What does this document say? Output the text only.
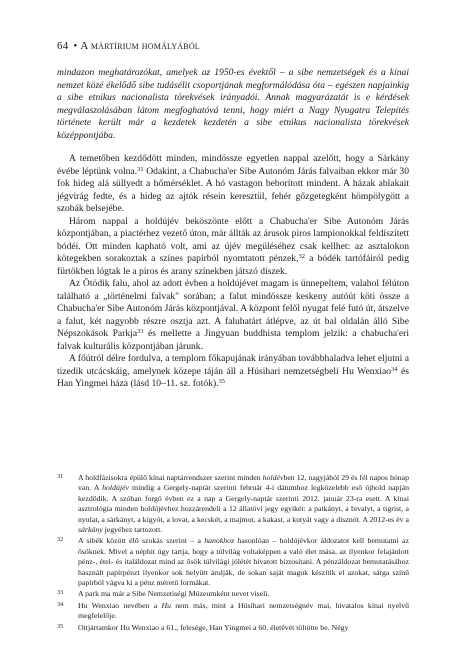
64 • A mártírium homályából

mindazon meghatározókat, amelyek az 1950-es évektől – a sibe nemzetségek és a kínai nemzet közé ékelődő sibe tudásélit csoportjának megformálódása óta – egészen napjainkig a sibe etnikus nacionalista törekvések irányadói. Annak magyarázatát is e kérdések megválaszolásában látom megfoghatóvá tenni, hogy miért a Nagy Nyugatra Telepítés története került már a kezdetek kezdetén a sibe etnikus nacionalista törekvések középpontjába.

A temetőben kezdődött minden, mindössze egyetlen nappal azelőtt, hogy a Sárkány évébe léptünk volna.$^{31}$ Odakint, a Chabucha'er Sibe Autonóm Járás falvaiban ekkor már 30 fok hideg alá süllyedt a hőmérséklet. A hó vastagon beborított mindent. A házak ablakait jégvirág fedte, és a hideg az ajtók résein keresztül, fehér gőzgetegként hömpölygött a szobák belsejébe.

Három nappal a holdújév beköszönte előtt a Chabucha'er Sibe Autonóm Járás központjában, a piactérhez vezető úton, már állták az árusok piros lampionokkal feldíszített bódéi. Ott minden kapható volt, ami az újév megüléséhez csak kellhet: az asztalokon kötegekben sorakoztak a színes papírból nyomtatott pénzek,$^{32}$ a bódék tartófáiról pedig fürtökben lógtak le a piros és arany színekben játszó díszek.

Az Ötödik falu, ahol az adott évben a holdújévet magam is ünnepeltem, valahol félúton található a „történelmi falvak" sorában; a falut mindössze keskeny autóút köti össze a Chabucha'er Sibe Autonóm Járás központjával. A központ felől nyugat felé futó út, átszelve a falut, két nagyobb részre osztja azt. A faluhatárt átlépve, az út bal oldalán álló Sibe Népszokások Parkja$^{33}$ és mellette a Jingyuan buddhista templom jelzik: a chabucha'eri falvak kulturális központjában járunk.

A főútról délre fordulva, a templom főkapujának irányában továbbhaladva lehet eljutni a tizedik utcácskáig, amelynek közepe táján áll a Húsihari nemzetségbeli Hu Wenxiao$^{34}$ és Han Yingmei háza (lásd 10–11. sz. fotók).$^{35}$

31 A holdfázisokra épülő kínai naptárrendszer szerint minden holdévben 12, nagyjából 29 és fél napos hónap van. A holdújév mindig a Gergely-naptár szerinti február 4-i dátumhoz legközelebb eső újhold napján kezdődik. A szóban forgó évben ez a nap a Gergely-naptár szerinti 2012. január 23-ra esett. A kínai asztrológia minden holdújévhez hozzárendeli a 12 állatövi jegy egyikét: a patkányt, a bivalyt, a tigrist, a nyulat, a sárkányt, a kígyót, a lovat, a kecskét, a majmot, a kakast, a kutyát vagy a disznót. A 2012-es év a sárkány jegyéhez tartozott.
32 A sibék között élő szokás szerint – a hanokhoz hasonlóan – holdújévkor áldozatot kell bemutatni az ősöknek. Mivel a néphit úgy tartja, hogy a túlvilág voltaképpen a való élet mása, az ilyenkor felajánlott pénz-, étel- és italáldozat mind az ősök túlvilági jólétét hivatott biztosítani. A pénzáldozat bemutatásához használt papírpénzt ilyenkor sok helyütt árulják, de sokan saját maguk készítik el azokat, sárga színű papírból vágva ki a pénz méretű formákat.
33 A park ma már a Sibe Nemzetiségi Múzeumként nevet viseli.
34 Hu Wenxiao nevében a Hu nem más, mint a Húsihari nemzetségnév mai, hivatalos kínai nyelvű megfelelője.
35 Ottjártamkor Hu Wenxiao a 61., felesége, Han Yingmei a 60. életévét töltötte be. Négy
